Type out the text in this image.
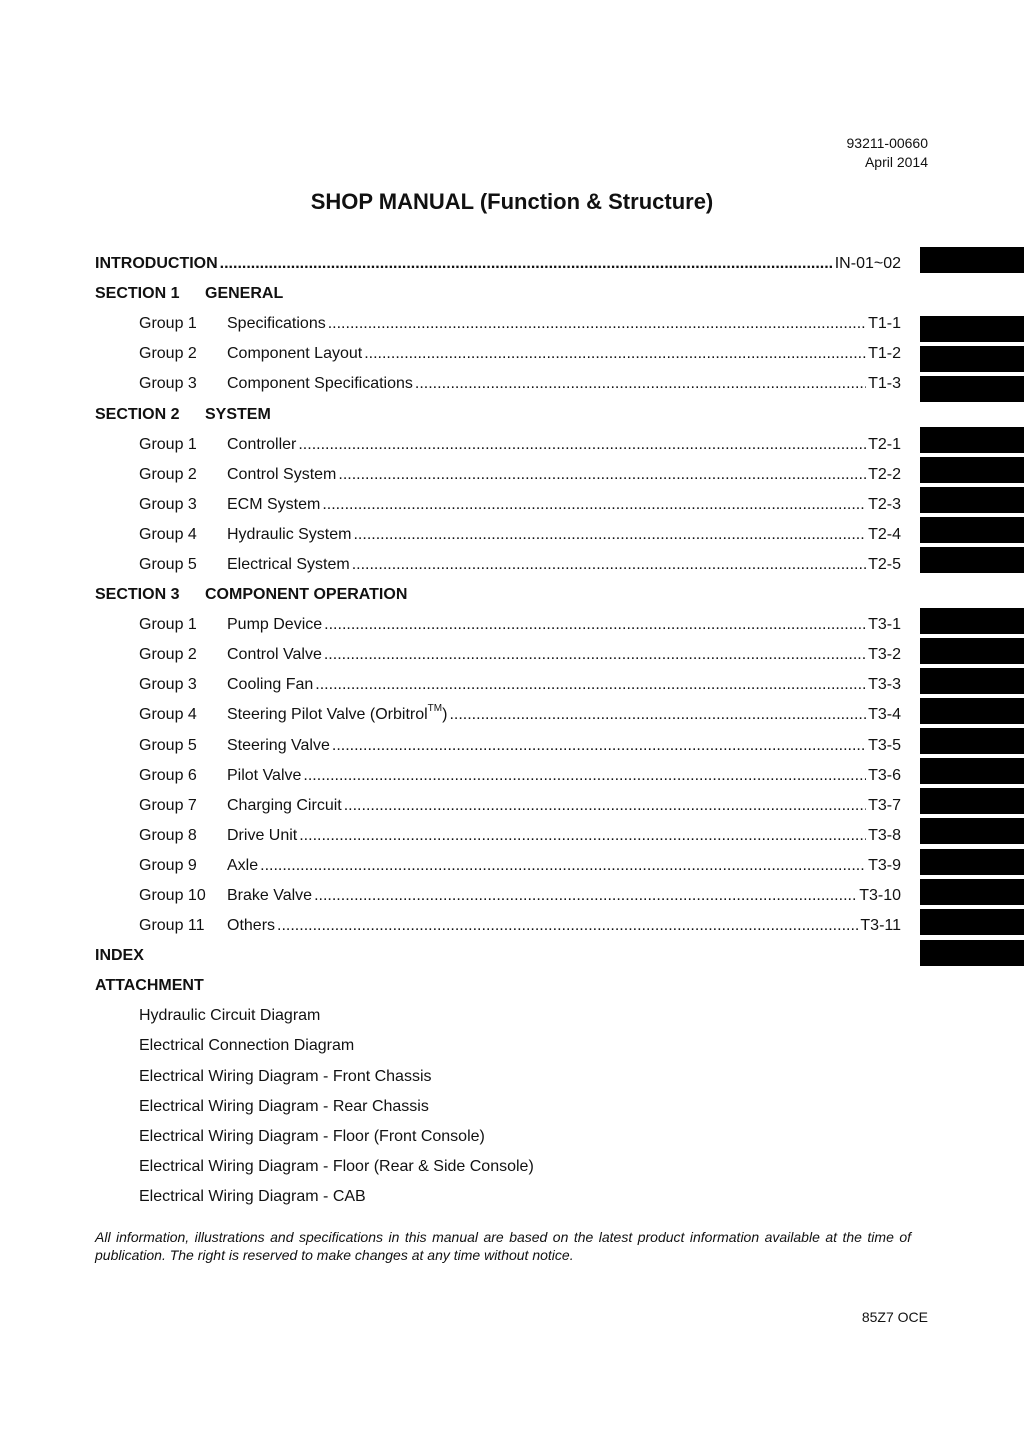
93211-00660
April 2014
SHOP MANUAL (Function & Structure)
INTRODUCTION .....	IN-01~02
SECTION 1	GENERAL
Group 1	Specifications .....	T1-1
Group 2	Component Layout .....	T1-2
Group 3	Component Specifications .....	T1-3
SECTION 2	SYSTEM
Group 1	Controller .....	T2-1
Group 2	Control System .....	T2-2
Group 3	ECM System .....	T2-3
Group 4	Hydraulic System .....	T2-4
Group 5	Electrical System .....	T2-5
SECTION 3	COMPONENT OPERATION
Group 1	Pump Device .....	T3-1
Group 2	Control Valve .....	T3-2
Group 3	Cooling Fan .....	T3-3
Group 4	Steering Pilot Valve (Orbitrol™) .....	T3-4
Group 5	Steering Valve .....	T3-5
Group 6	Pilot Valve .....	T3-6
Group 7	Charging Circuit .....	T3-7
Group 8	Drive Unit .....	T3-8
Group 9	Axle .....	T3-9
Group 10	Brake Valve .....	T3-10
Group 11	Others .....	T3-11
INDEX
ATTACHMENT
Hydraulic Circuit Diagram
Electrical Connection Diagram
Electrical Wiring Diagram - Front Chassis
Electrical Wiring Diagram - Rear Chassis
Electrical Wiring Diagram - Floor (Front Console)
Electrical Wiring Diagram - Floor (Rear & Side Console)
Electrical Wiring Diagram - CAB
All information, illustrations and specifications in this manual are based on the latest product information available at the time of publication. The right is reserved to make changes at any time without notice.
85Z7 OCE
